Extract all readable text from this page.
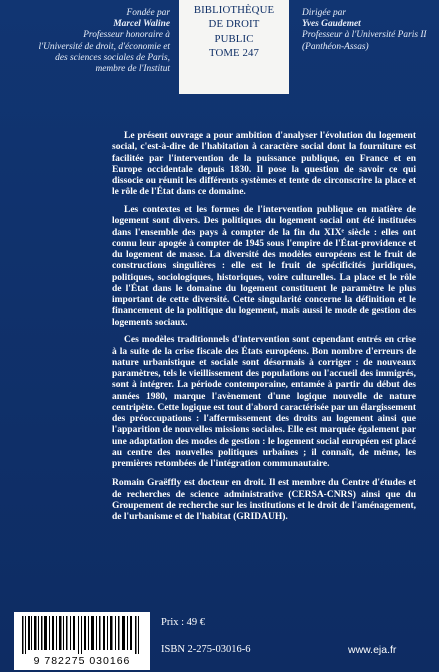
Fondée par
Marcel Waline
Professeur honoraire à l'Université de droit, d'économie et des sciences sociales de Paris, membre de l'Institut
BIBLIOTHÈQUE
DE DROIT
PUBLIC
TOME 247
Dirigée par
Yves Gaudemet
Professeur à l'Université Paris II (Panthéon-Assas)

Le présent ouvrage a pour ambition d'analyser l'évolution du logement social, c'est-à-dire de l'habitation à caractère social dont la fourniture est facilitée par l'intervention de la puissance publique, en France et en Europe occidentale depuis 1830. Il pose la question de savoir ce qui dissocie ou réunit les différents systèmes et tente de circonscrire la place et le rôle de l'État dans ce domaine.

Les contextes et les formes de l'intervention publique en matière de logement sont divers. Des politiques du logement social ont été instituées dans l'ensemble des pays à compter de la fin du XIXᵉ siècle : elles ont connu leur apogée à compter de 1945 sous l'empire de l'État-providence et du logement de masse. La diversité des modèles européens est le fruit de constructions singulières : elle est le fruit de spécificités juridiques, politiques, sociologiques, historiques, voire culturelles. La place et le rôle de l'État dans le domaine du logement constituent le paramètre le plus important de cette diversité. Cette singularité concerne la définition et le financement de la politique du logement, mais aussi le mode de gestion des logements sociaux.

Ces modèles traditionnels d'intervention sont cependant entrés en crise à la suite de la crise fiscale des États européens. Bon nombre d'erreurs de nature urbanistique et sociale sont désormais à corriger : de nouveaux paramètres, tels le vieillissement des populations ou l'accueil des immigrés, sont à intégrer. La période contemporaine, entamée à partir du début des années 1980, marque l'avènement d'une logique nouvelle de nature centripète. Cette logique est tout d'abord caractérisée par un élargissement des préoccupations : l'affermissement des droits au logement ainsi que l'apparition de nouvelles missions sociales. Elle est marquée également par une adaptation des modes de gestion : le logement social européen est placé au centre des nouvelles politiques urbaines ; il connaît, de même, les premières retombées de l'intégration communautaire.

Romain Graëffly est docteur en droit. Il est membre du Centre d'études et de recherches de science administrative (CERSA-CNRS) ainsi que du Groupement de recherche sur les institutions et le droit de l'aménagement, de l'urbanisme et de l'habitat (GRIDAUH).

9 782275 030166
Prix : 49 €
ISBN 2-275-03016-6	www.eja.fr
